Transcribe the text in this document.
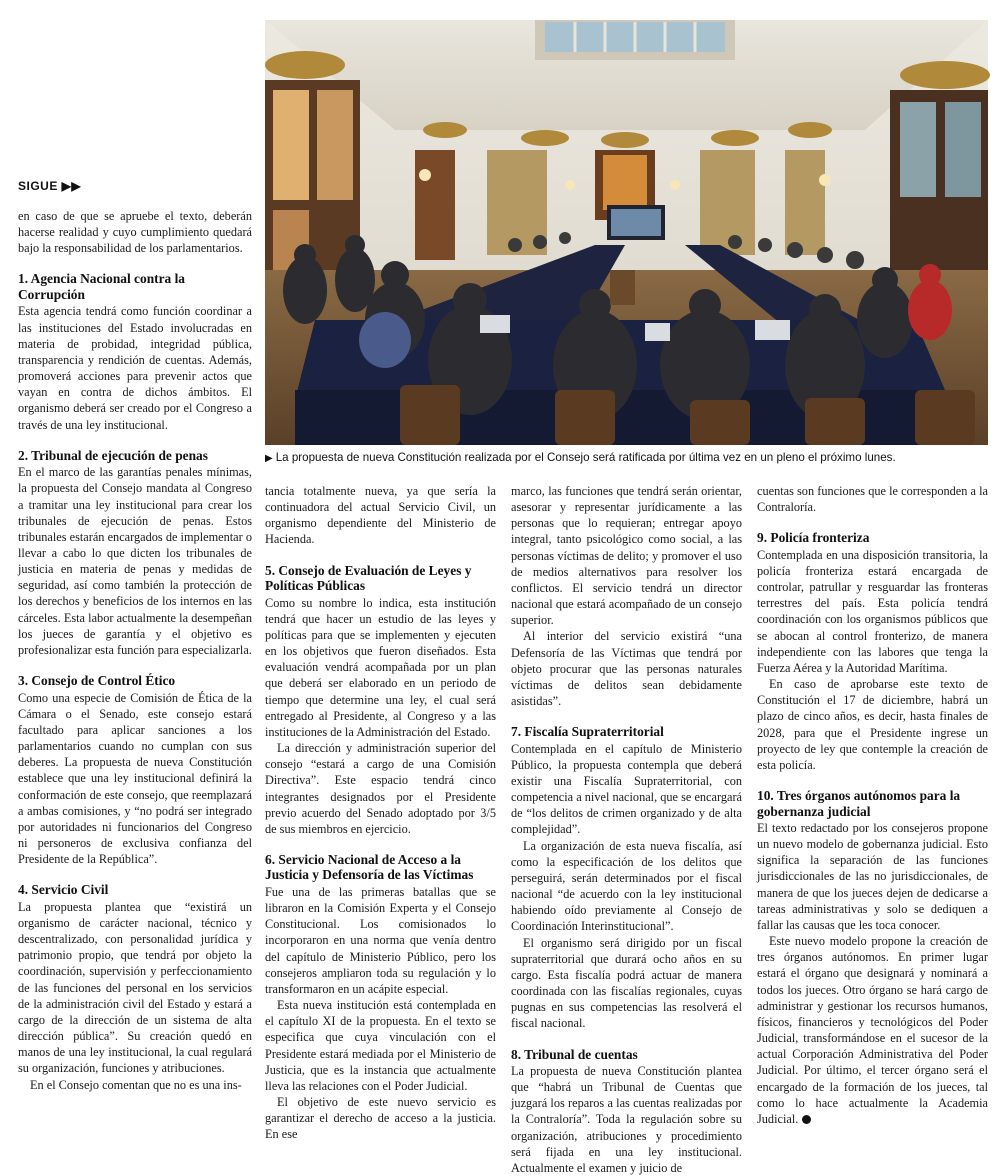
SIGUE ▶▶
▶ La propuesta de nueva Constitución realizada por el Consejo será ratificada por última vez en un pleno el próximo lunes.

en caso de que se apruebe el texto, deberán hacerse realidad y cuyo cumplimiento quedará bajo la responsabilidad de los parlamentarios.

1. Agencia Nacional contra la Corrupción

Esta agencia tendrá como función coordinar a las instituciones del Estado involucradas en materia de probidad, integridad pública, transparencia y rendición de cuentas. Además, promoverá acciones para prevenir actos que vayan en contra de dichos ámbitos. El organismo deberá ser creado por el Congreso a través de una ley institucional.

2. Tribunal de ejecución de penas

En el marco de las garantías penales mínimas, la propuesta del Consejo mandata al Congreso a tramitar una ley institucional para crear los tribunales de ejecución de penas. Estos tribunales estarán encargados de implementar o llevar a cabo lo que dicten los tribunales de justicia en materia de penas y medidas de seguridad, así como también la protección de los derechos y beneficios de los internos en las cárceles. Esta labor actualmente la desempeñan los jueces de garantía y el objetivo es profesionalizar esta función para especializarla.

3. Consejo de Control Ético

Como una especie de Comisión de Ética de la Cámara o el Senado, este consejo estará facultado para aplicar sanciones a los parlamentarios cuando no cumplan con sus deberes. La propuesta de nueva Constitución establece que una ley institucional definirá la conformación de este consejo, que reemplazará a ambas comisiones, y “no podrá ser integrado por autoridades ni funcionarios del Congreso ni personeros de exclusiva confianza del Presidente de la República”.

4. Servicio Civil

La propuesta plantea que “existirá un organismo de carácter nacional, técnico y descentralizado, con personalidad jurídica y patrimonio propio, que tendrá por objeto la coordinación, supervisión y perfeccionamiento de las funciones del personal en los servicios de la administración civil del Estado y estará a cargo de la dirección de un sistema de alta dirección pública”. Su creación quedó en manos de una ley institucional, la cual regulará su organización, funciones y atribuciones.

En el Consejo comentan que no es una ins-

tancia totalmente nueva, ya que sería la continuadora del actual Servicio Civil, un organismo dependiente del Ministerio de Hacienda.

5. Consejo de Evaluación de Leyes y Políticas Públicas

Como su nombre lo indica, esta institución tendrá que hacer un estudio de las leyes y políticas para que se implementen y ejecuten en los objetivos que fueron diseñados. Esta evaluación vendrá acompañada por un plan que deberá ser elaborado en un periodo de tiempo que determine una ley, el cual será entregado al Presidente, al Congreso y a las instituciones de la Administración del Estado.

La dirección y administración superior del consejo “estará a cargo de una Comisión Directiva”. Este espacio tendrá cinco integrantes designados por el Presidente previo acuerdo del Senado adoptado por 3/5 de sus miembros en ejercicio.

6. Servicio Nacional de Acceso a la Justicia y Defensoría de las Víctimas

Fue una de las primeras batallas que se libraron en la Comisión Experta y el Consejo Constitucional. Los comisionados lo incorporaron en una norma que venía dentro del capítulo de Ministerio Público, pero los consejeros ampliaron toda su regulación y lo transformaron en un acápite especial.

Esta nueva institución está contemplada en el capítulo XI de la propuesta. En el texto se especifica que cuya vinculación con el Presidente estará mediada por el Ministerio de Justicia, que es la instancia que actualmente lleva las relaciones con el Poder Judicial.

El objetivo de este nuevo servicio es garantizar el derecho de acceso a la justicia. En ese

marco, las funciones que tendrá serán orientar, asesorar y representar jurídicamente a las personas que lo requieran; entregar apoyo integral, tanto psicológico como social, a las personas víctimas de delito; y promover el uso de medios alternativos para resolver los conflictos. El servicio tendrá un director nacional que estará acompañado de un consejo superior.

Al interior del servicio existirá “una Defensoría de las Víctimas que tendrá por objeto procurar que las personas naturales víctimas de delitos sean debidamente asistidas”.

7. Fiscalía Supraterritorial

Contemplada en el capítulo de Ministerio Público, la propuesta contempla que deberá existir una Fiscalía Supraterritorial, con competencia a nivel nacional, que se encargará de “los delitos de crimen organizado y de alta complejidad”.

La organización de esta nueva fiscalía, así como la especificación de los delitos que perseguirá, serán determinados por el fiscal nacional “de acuerdo con la ley institucional habiendo oído previamente al Consejo de Coordinación Interinstitucional”.

El organismo será dirigido por un fiscal supraterritorial que durará ocho años en su cargo. Esta fiscalía podrá actuar de manera coordinada con las fiscalías regionales, cuyas pugnas en sus competencias las resolverá el fiscal nacional.

8. Tribunal de cuentas

La propuesta de nueva Constitución plantea que “habrá un Tribunal de Cuentas que juzgará los reparos a las cuentas realizadas por la Contraloría”. Toda la regulación sobre su organización, atribuciones y procedimiento será fijada en una ley institucional. Actualmente el examen y juicio de

cuentas son funciones que le corresponden a la Contraloría.

9. Policía fronteriza

Contemplada en una disposición transitoria, la policía fronteriza estará encargada de controlar, patrullar y resguardar las fronteras terrestres del país. Esta policía tendrá coordinación con los organismos públicos que se abocan al control fronterizo, de manera independiente con las labores que tenga la Fuerza Aérea y la Autoridad Marítima.

En caso de aprobarse este texto de Constitución el 17 de diciembre, habrá un plazo de cinco años, es decir, hasta finales de 2028, para que el Presidente ingrese un proyecto de ley que contemple la creación de esta policía.

10. Tres órganos autónomos para la gobernanza judicial

El texto redactado por los consejeros propone un nuevo modelo de gobernanza judicial. Esto significa la separación de las funciones jurisdiccionales de las no jurisdiccionales, de manera de que los jueces dejen de dedicarse a tareas administrativas y solo se dediquen a fallar las causas que les toca conocer.

Este nuevo modelo propone la creación de tres órganos autónomos. En primer lugar estará el órgano que designará y nominará a todos los jueces. Otro órgano se hará cargo de administrar y gestionar los recursos humanos, físicos, financieros y tecnológicos del Poder Judicial, transformándose en el sucesor de la actual Corporación Administrativa del Poder Judicial. Por último, el tercer órgano será el encargado de la formación de los jueces, tal como lo hace actualmente la Academia Judicial.
